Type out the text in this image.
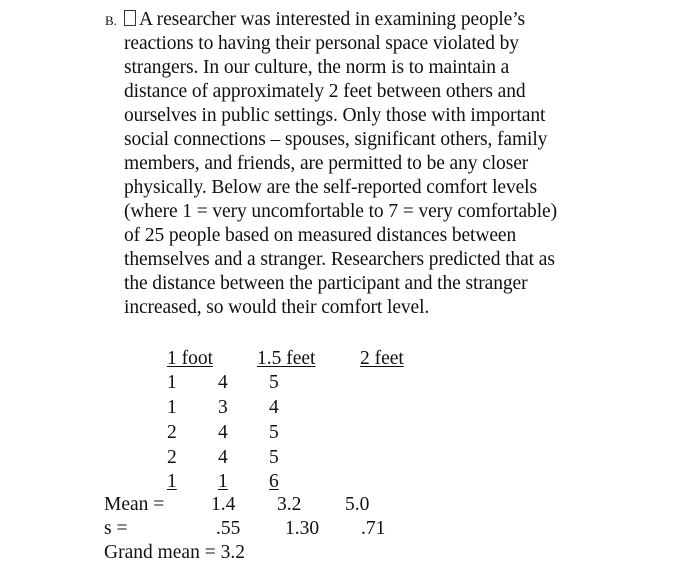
B. A researcher was interested in examining people’s
reactions to having their personal space violated by
strangers. In our culture, the norm is to maintain a
distance of approximately 2 feet between others and
ourselves in public settings. Only those with important
social connections – spouses, significant others, family
members, and friends, are permitted to be any closer
physically. Below are the self-reported comfort levels
(where 1 = very uncomfortable to 7 = very comfortable)
of 25 people based on measured distances between
themselves and a stranger. Researchers predicted that as
the distance between the participant and the stranger
increased, so would their comfort level.
1 foot 1.5 feet 2 feet
1
1
2
2
1
4
3
4
4
1
5
4
5
5
6
Mean = 1.4 3.2 5.0
s =	.55 1.30 .71
Grand mean = 3.2
